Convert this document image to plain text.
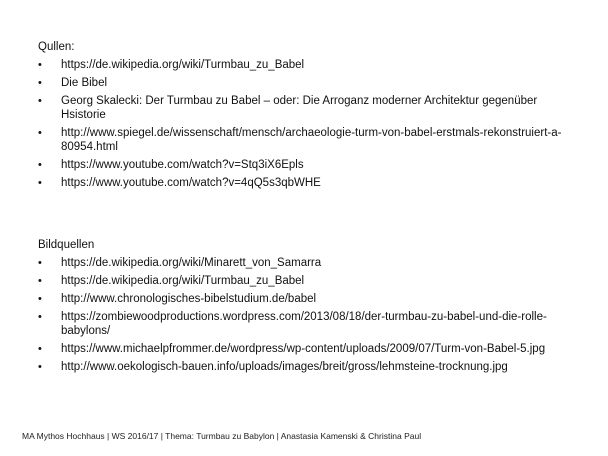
Qullen:
• https://de.wikipedia.org/wiki/Turmbau_zu_Babel
• Die Bibel
• Georg Skalecki: Der Turmbau zu Babel – oder: Die Arroganz moderner Architektur gegenüber Hsistorie
• http://www.spiegel.de/wissenschaft/mensch/archaeologie-turm-von-babel-erstmals-rekonstruiert-a-80954.html
• https://www.youtube.com/watch?v=Stq3iX6Epls
• https://www.youtube.com/watch?v=4qQ5s3qbWHE
Bildquellen
• https://de.wikipedia.org/wiki/Minarett_von_Samarra
• https://de.wikipedia.org/wiki/Turmbau_zu_Babel
• http://www.chronologisches-bibelstudium.de/babel
• https://zombiewoodproductions.wordpress.com/2013/08/18/der-turmbau-zu-babel-und-die-rolle-babylons/
• https://www.michaelpfrommer.de/wordpress/wp-content/uploads/2009/07/Turm-von-Babel-5.jpg
• http://www.oekologisch-bauen.info/uploads/images/breit/gross/lehmsteine-trocknung.jpg
MA Mythos Hochhaus | WS 2016/17 | Thema: Turmbau zu Babylon | Anastasia Kamenski & Christina Paul
